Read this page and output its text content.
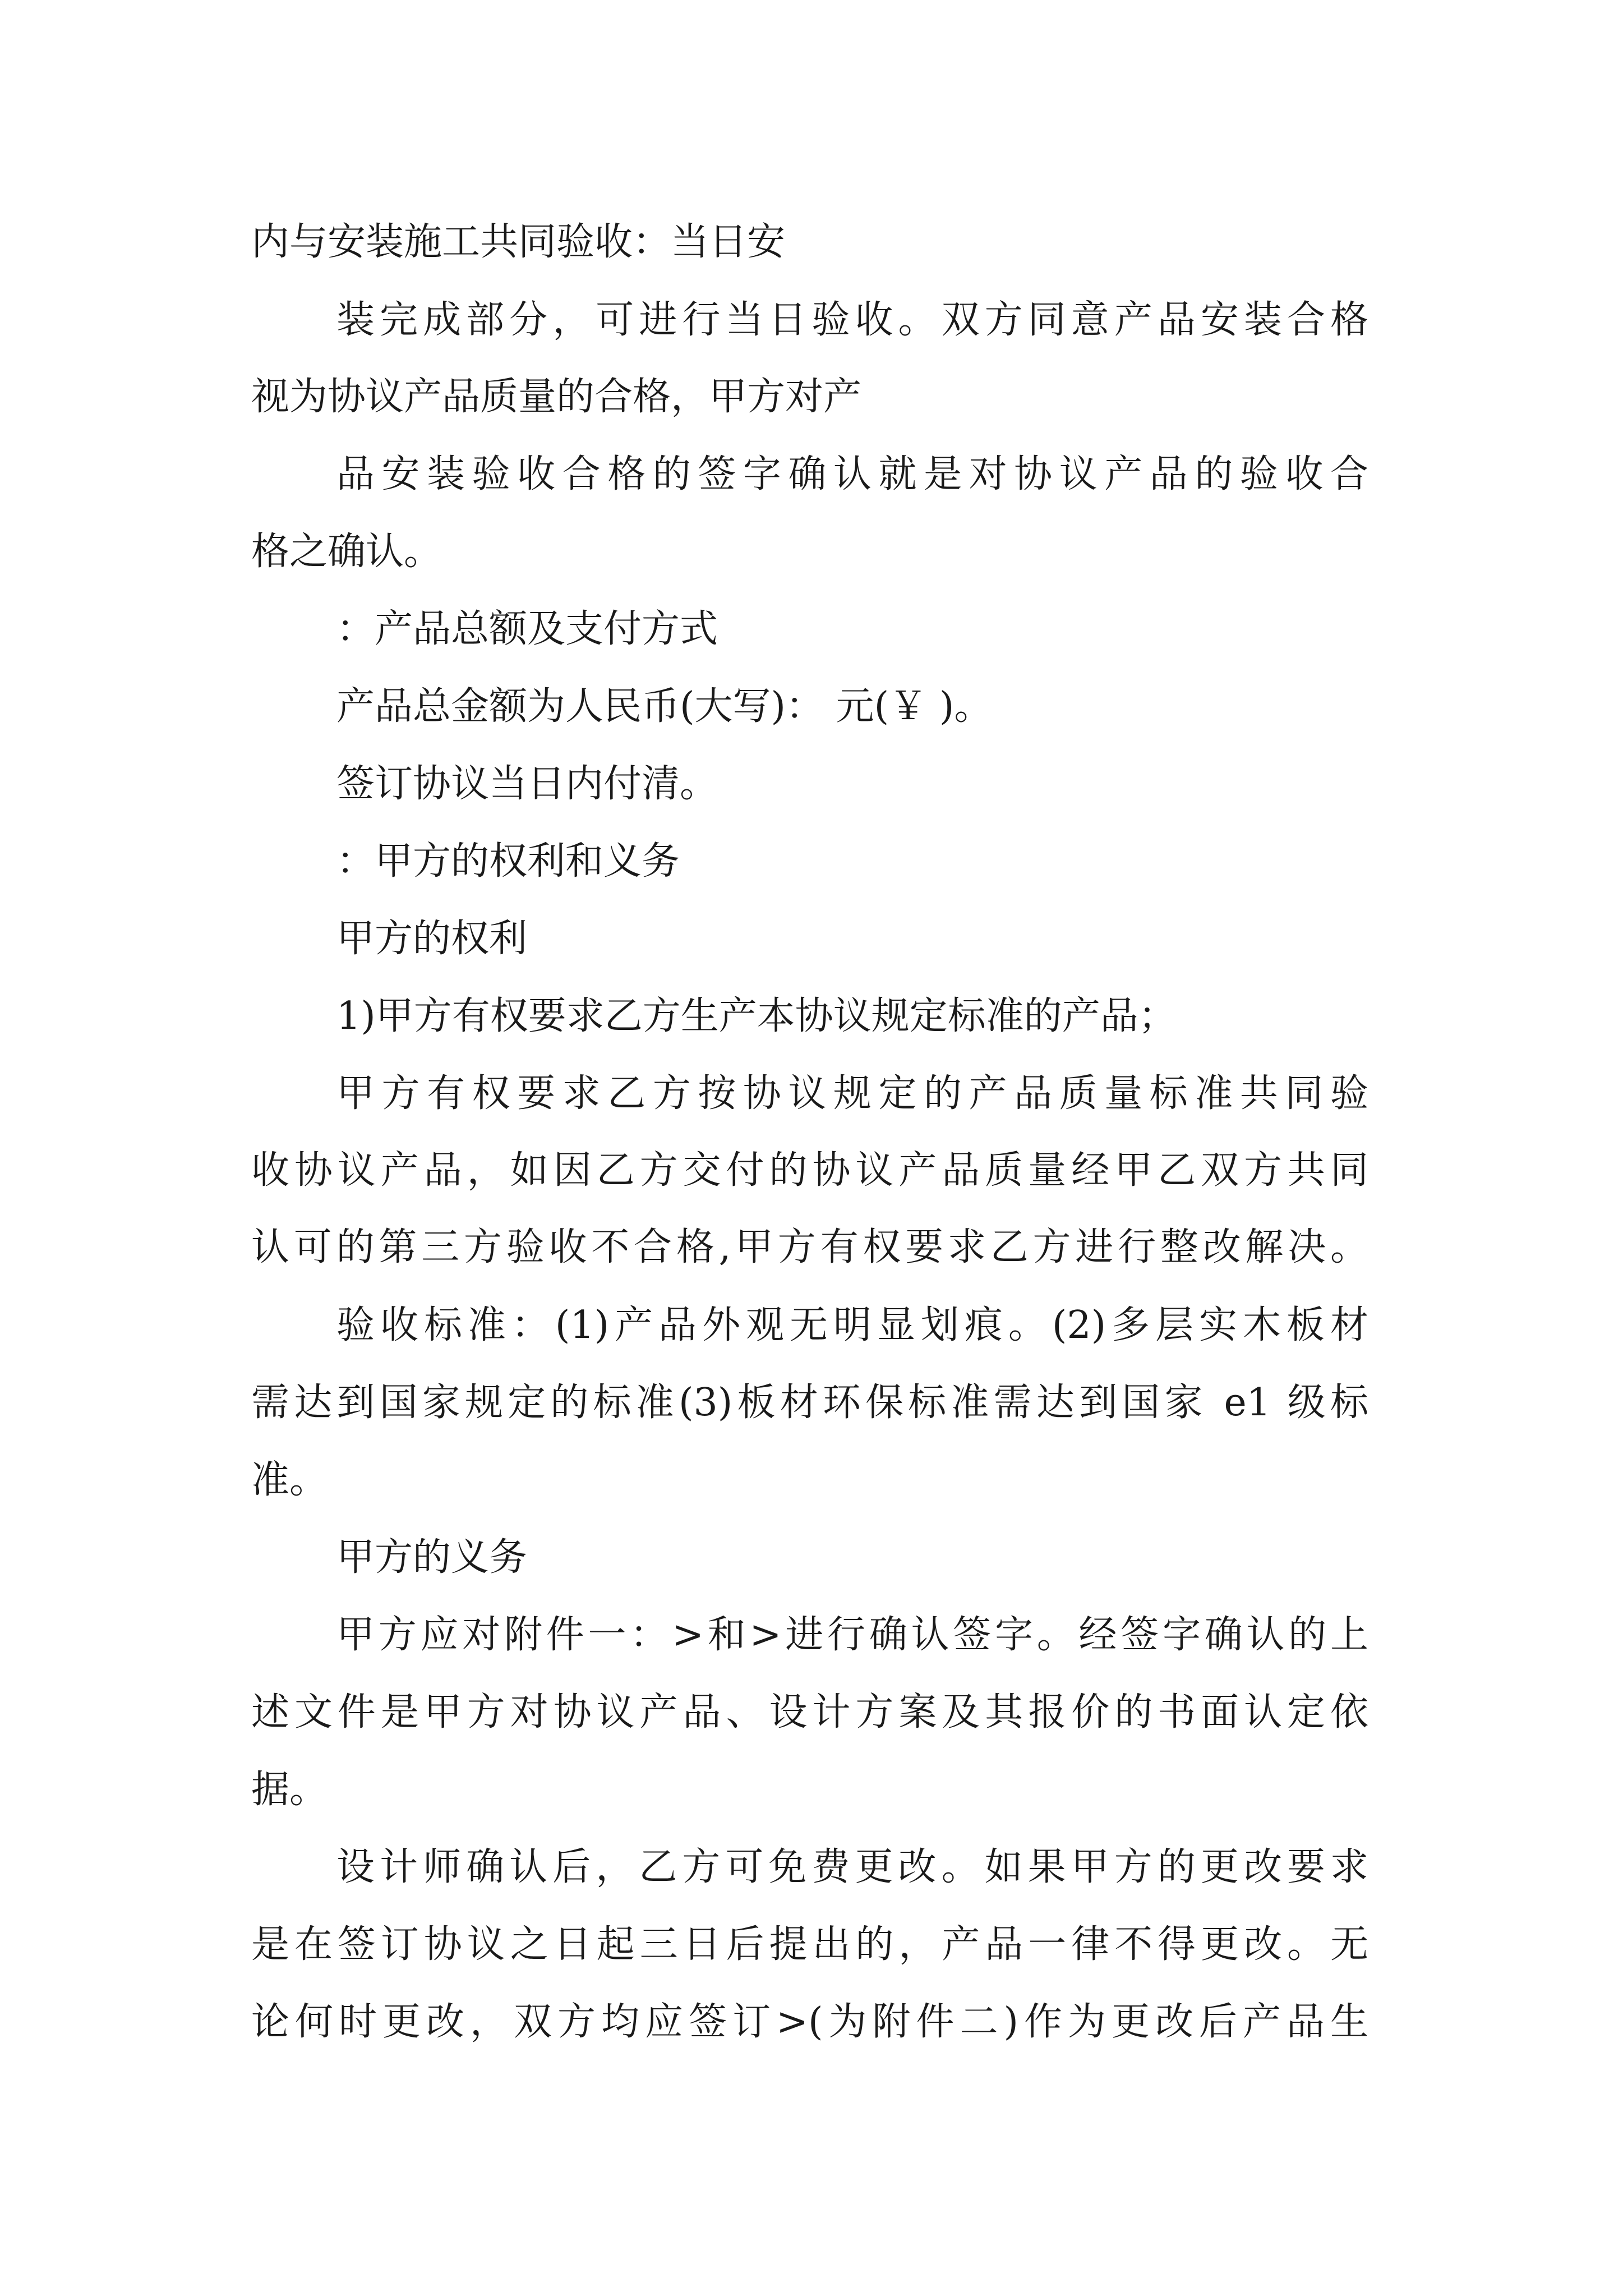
内与安装施工共同验收：当日安
装完成部分，可进行当日验收。双方同意产品安装合格
视为协议产品质量的合格，甲方对产
品安装验收合格的签字确认就是对协议产品的验收合
格之确认。
：产品总额及支付方式
产品总金额为人民币(大写)： 元(￥ )。
签订协议当日内付清。
：甲方的权利和义务
甲方的权利
1)甲方有权要求乙方生产本协议规定标准的产品；
甲方有权要求乙方按协议规定的产品质量标准共同验
收协议产品，如因乙方交付的协议产品质量经甲乙双方共同
认可的第三方验收不合格,甲方有权要求乙方进行整改解决。
验收标准：(1)产品外观无明显划痕。(2)多层实木板材
需达到国家规定的标准(3)板材环保标准需达到国家 e1 级标
准。
甲方的义务
甲方应对附件一：>和>进行确认签字。经签字确认的上
述文件是甲方对协议产品、设计方案及其报价的书面认定依
据。
设计师确认后，乙方可免费更改。如果甲方的更改要求
是在签订协议之日起三日后提出的，产品一律不得更改。无
论何时更改，双方均应签订>(为附件二)作为更改后产品生
